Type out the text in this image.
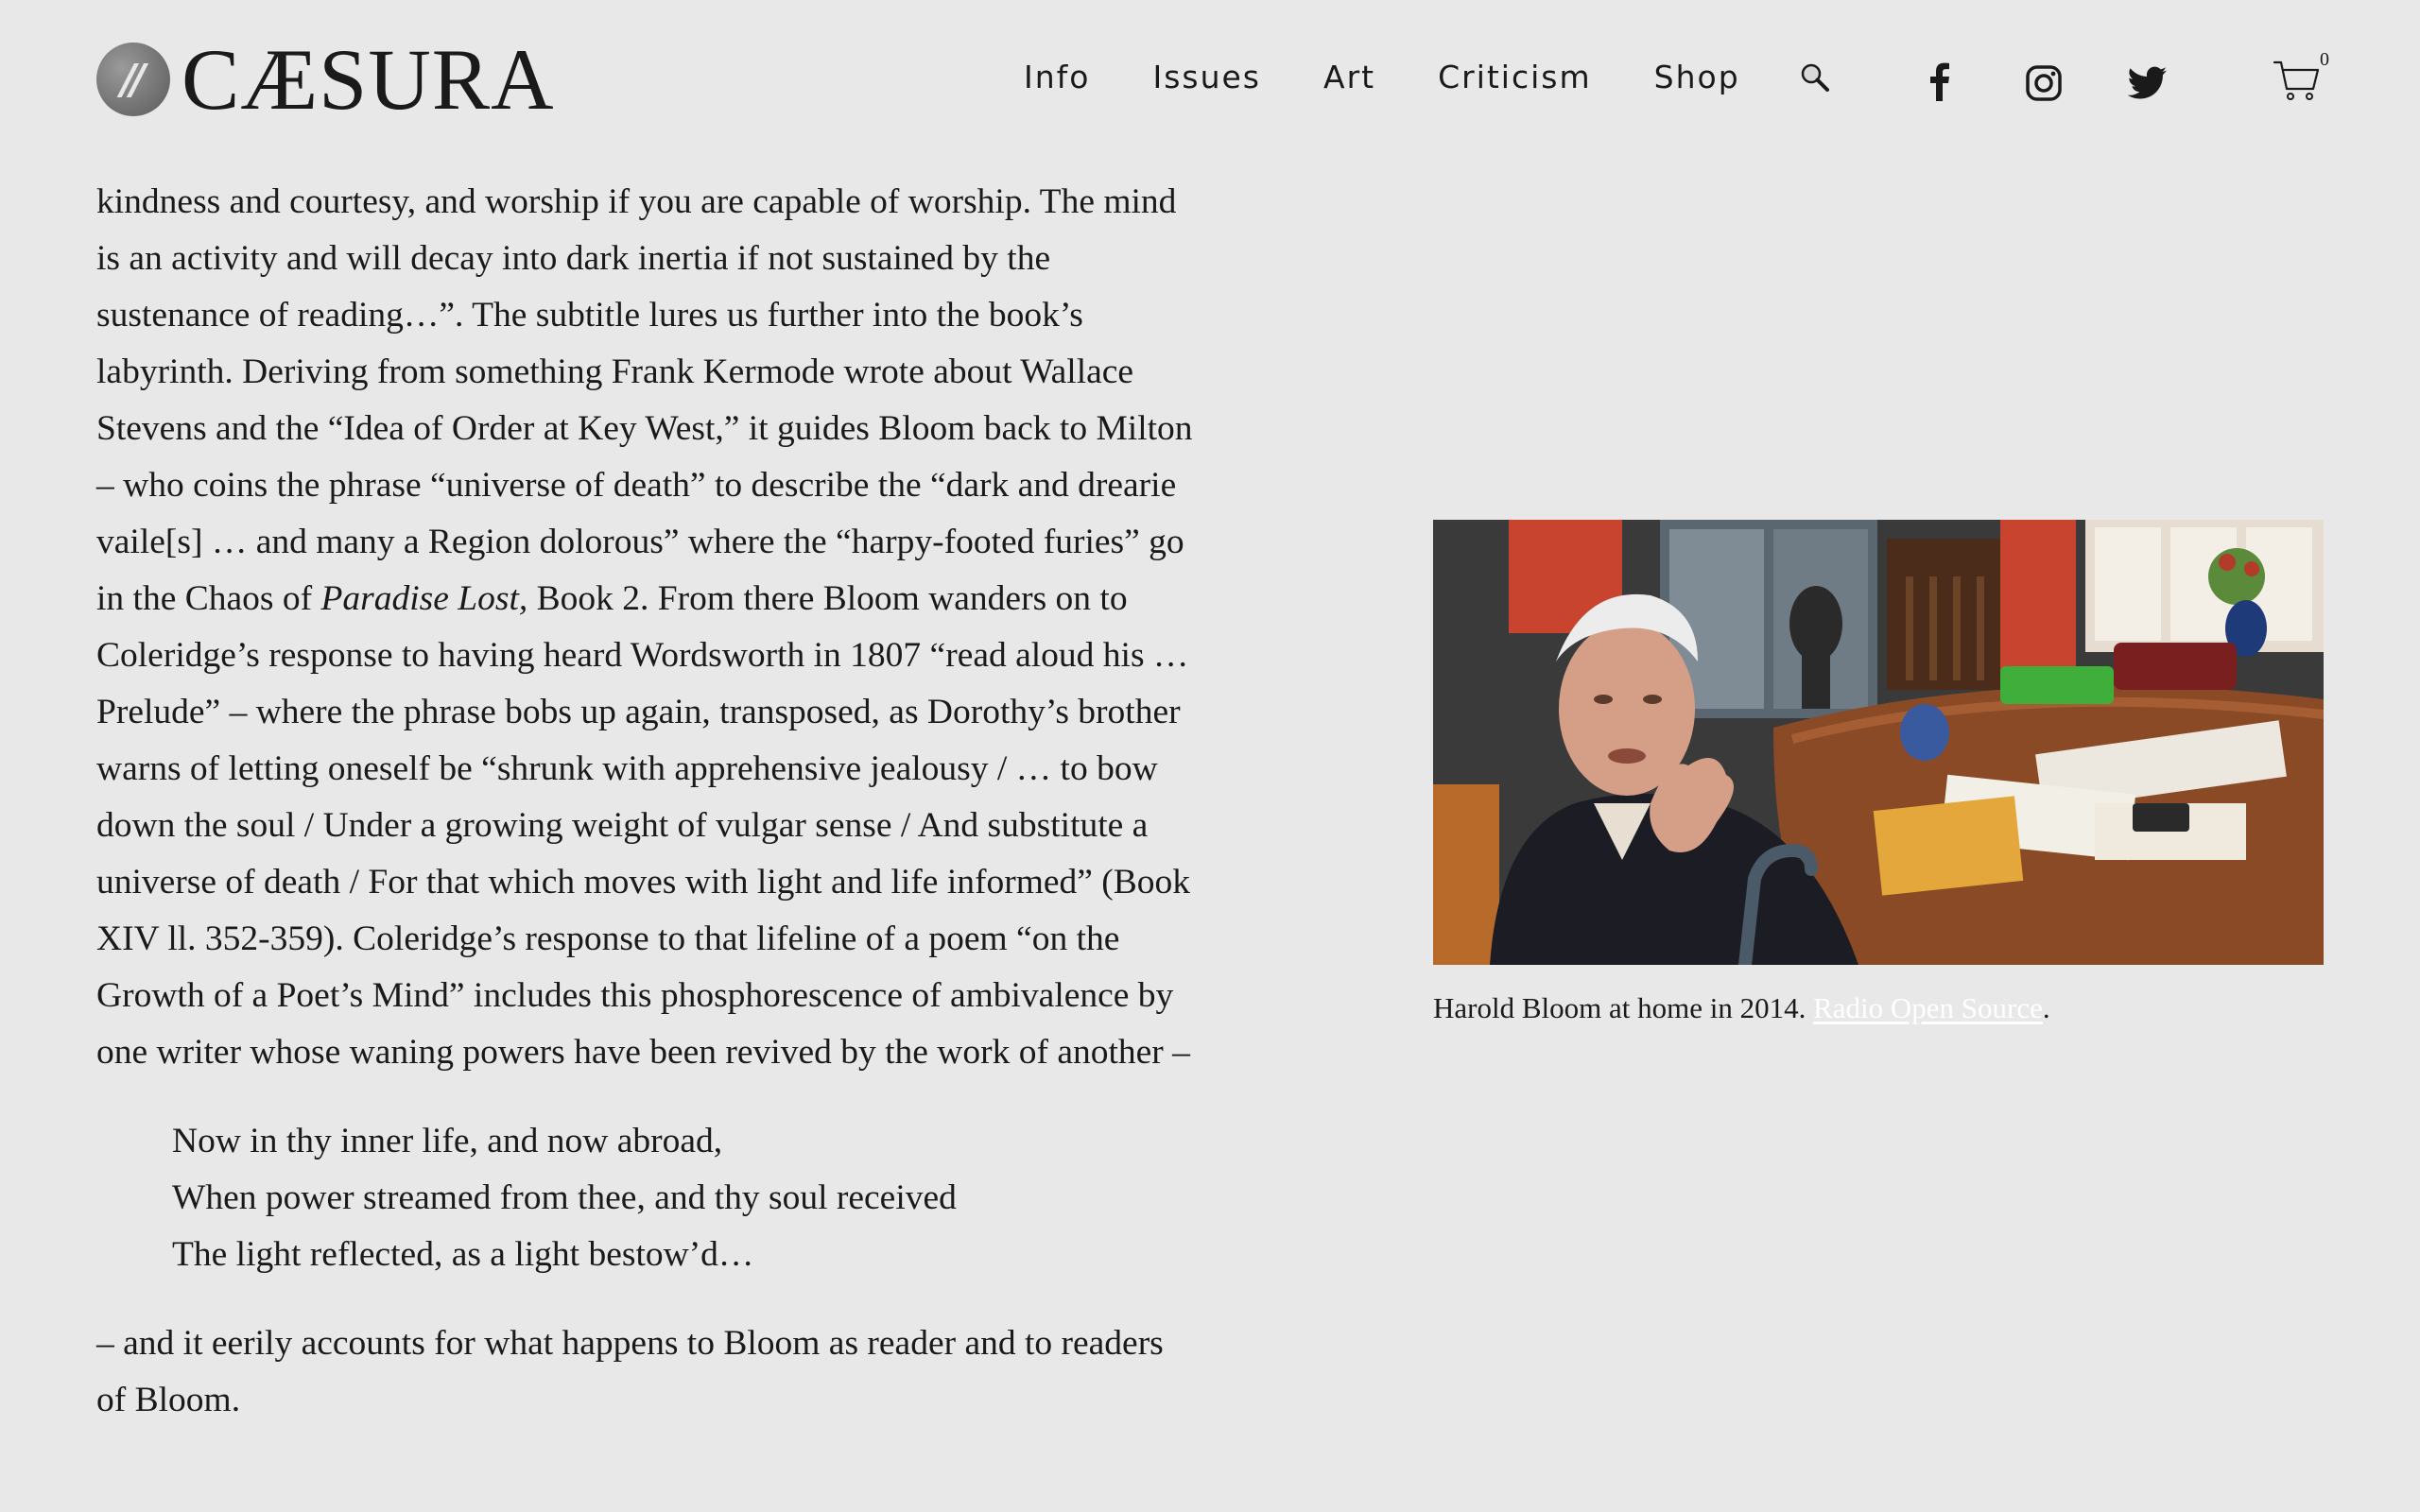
// CÆSURA	Info Issues Art Criticism Shop	0

kindness and courtesy, and worship if you are capable of worship. The mind is an activity and will decay into dark inertia if not sustained by the sustenance of reading…”. The subtitle lures us further into the book’s labyrinth. Deriving from something Frank Kermode wrote about Wallace Stevens and the “Idea of Order at Key West,” it guides Bloom back to Milton – who coins the phrase “universe of death” to describe the “dark and drearie vaile[s] … and many a Region dolorous” where the “harpy-footed furies” go in the Chaos of Paradise Lost, Book 2. From there Bloom wanders on to Coleridge’s response to having heard Wordsworth in 1807 “read aloud his … Prelude” – where the phrase bobs up again, transposed, as Dorothy’s brother warns of letting oneself be “shrunk with apprehensive jealousy / … to bow down the soul / Under a growing weight of vulgar sense / And substitute a universe of death / For that which moves with light and life informed” (Book XIV ll. 352-359). Coleridge’s response to that lifeline of a poem “on the Growth of a Poet’s Mind” includes this phosphorescence of ambivalence by one writer whose waning powers have been revived by the work of another –

Now in thy inner life, and now abroad,
When power streamed from thee, and thy soul received
The light reflected, as a light bestow’d…

– and it eerily accounts for what happens to Bloom as reader and to readers of Bloom.

Harold Bloom at home in 2014. Radio Open Source.
